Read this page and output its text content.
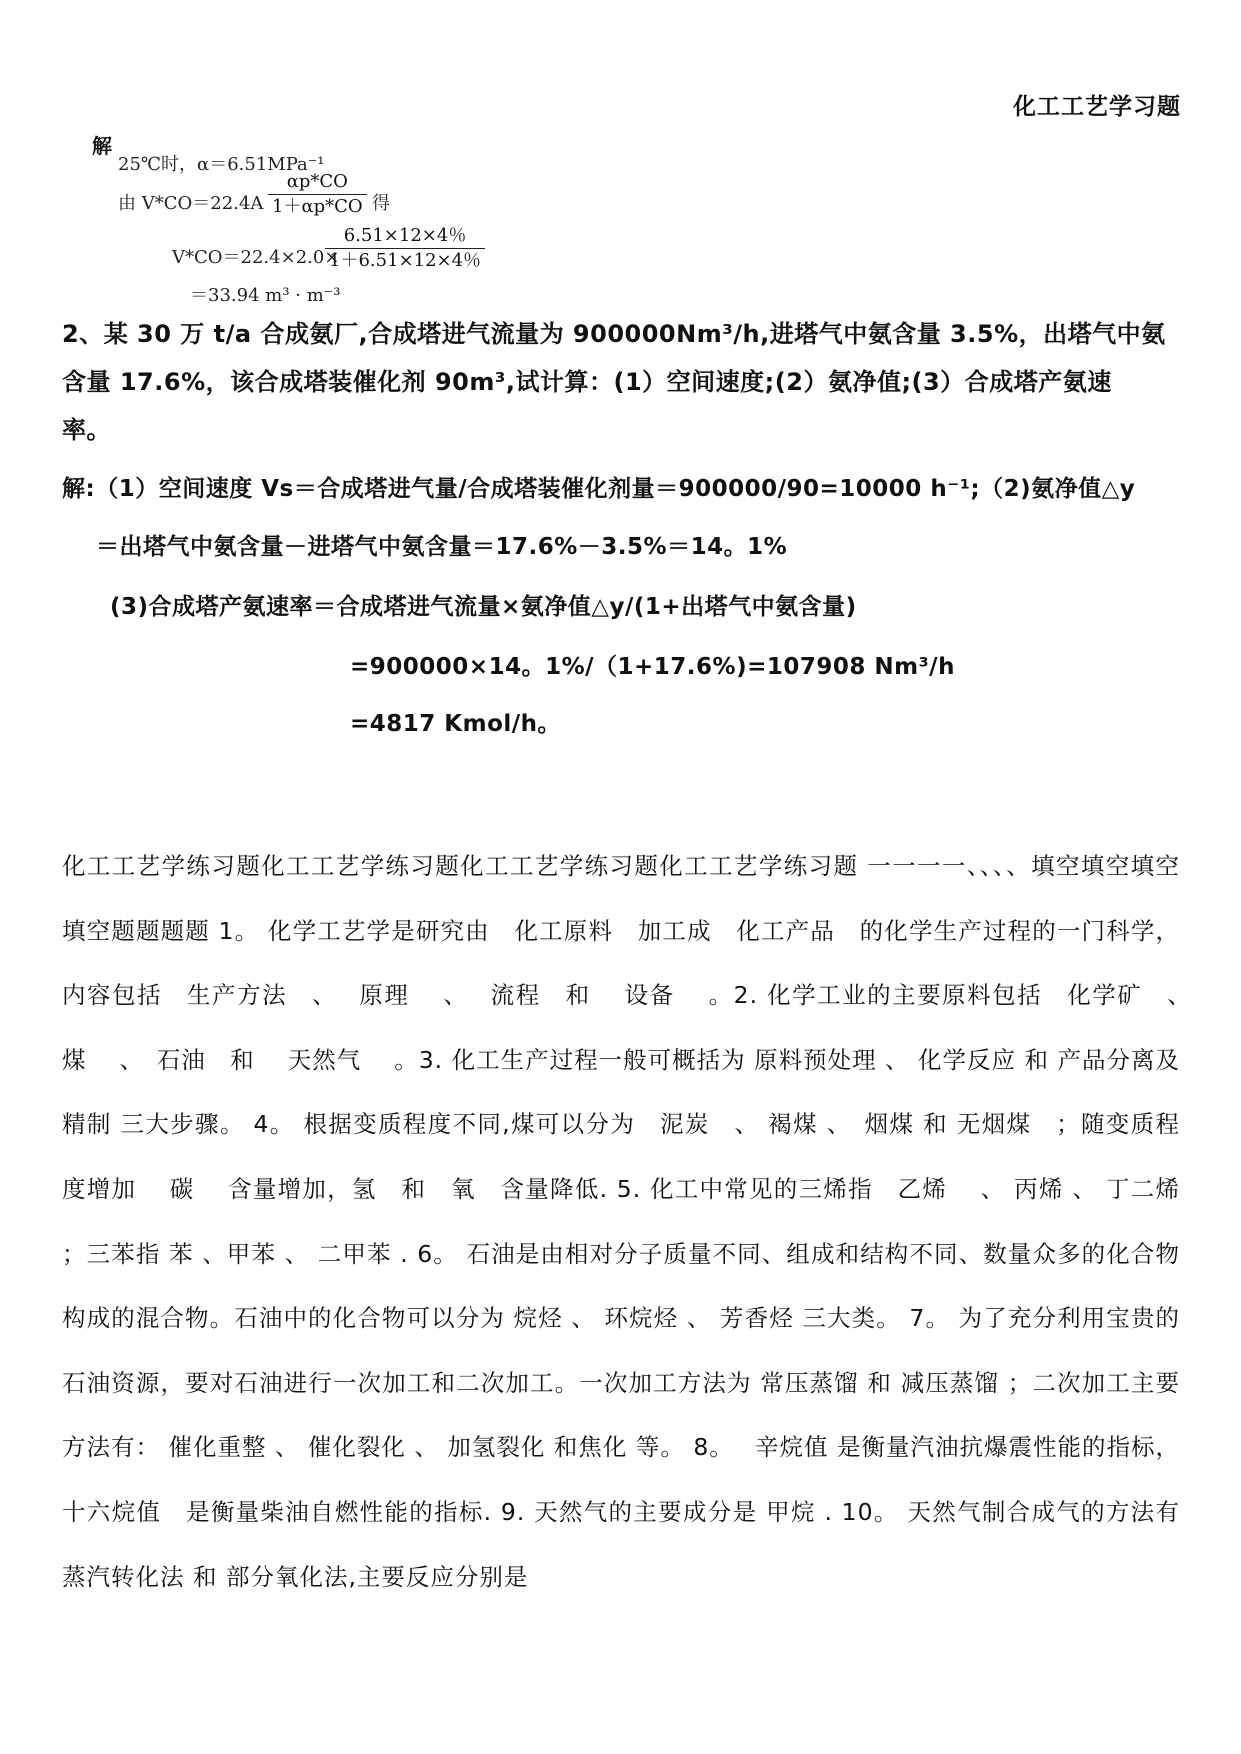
化工工艺学习题
解
25℃时，α＝6.51MPa⁻¹
由 $V*CO=22.4A \frac{\alpha p*CO}{1+\alpha p*CO}$ 得
V*CO＝22.4×2.0×
$\frac{6.51\times 12\times 4\%}{1+6.51\times 12\times 4\%}$
＝33.94 m³ · m⁻³
2、某 30 万 t/a 合成氨厂,合成塔进气流量为 900000Nm³/h,进塔气中氨含量 3.5%，出塔气中氨
含量 17.6%，该合成塔装催化剂 90m³,试计算：(1）空间速度;(2）氨净值;(3）合成塔产氨速
率。
解:（1）空间速度 Vs＝合成塔进气量/合成塔装催化剂量＝900000/90=10000 h⁻¹;（2)氨净值△y
＝出塔气中氨含量－进塔气中氨含量＝17.6%－3.5%＝14。1%
(3)合成塔产氨速率＝合成塔进气流量×氨净值△y/(1+出塔气中氨含量)
=900000×14。1%/（1+17.6%)=107908 Nm³/h
=4817 Kmol/h。
化工工艺学练习题化工工艺学练习题化工工艺学练习题化工工艺学练习题 一一一一、、、、填空填空填空填空题题题题 1。 化学工艺学是研究由　化工原料　加工成　化工产品　的化学生产过程的一门科学，内容包括　生产方法　、　 原理　 、　 流程　和　 设备　 。2. 化学工业的主要原料包括　化学矿　、　 煤　 、　石油　和　 天然气　 。3. 化工生产过程一般可概括为 原料预处理 、 化学反应 和 产品分离及精制 三大步骤。 4。 根据变质程度不同,煤可以分为　泥炭　、 褐煤 、　烟煤 和 无烟煤　；随变质程度增加　 碳　 含量增加，氢　和　氧　含量降低. 5. 化工中常见的三烯指　乙烯　 、 丙烯 、 丁二烯 ；三苯指 苯 、甲苯 、 二甲苯 . 6。 石油是由相对分子质量不同、组成和结构不同、数量众多的化合物构成的混合物。石油中的化合物可以分为 烷烃 、 环烷烃 、 芳香烃 三大类。 7。 为了充分利用宝贵的石油资源，要对石油进行一次加工和二次加工。一次加工方法为 常压蒸馏 和 减压蒸馏 ；二次加工主要方法有： 催化重整 、 催化裂化 、 加氢裂化 和焦化 等。 8。　 辛烷值 是衡量汽油抗爆震性能的指标， 十六烷值　是衡量柴油自燃性能的指标. 9. 天然气的主要成分是 甲烷 . 10。 天然气制合成气的方法有 蒸汽转化法 和 部分氧化法,主要反应分别是
